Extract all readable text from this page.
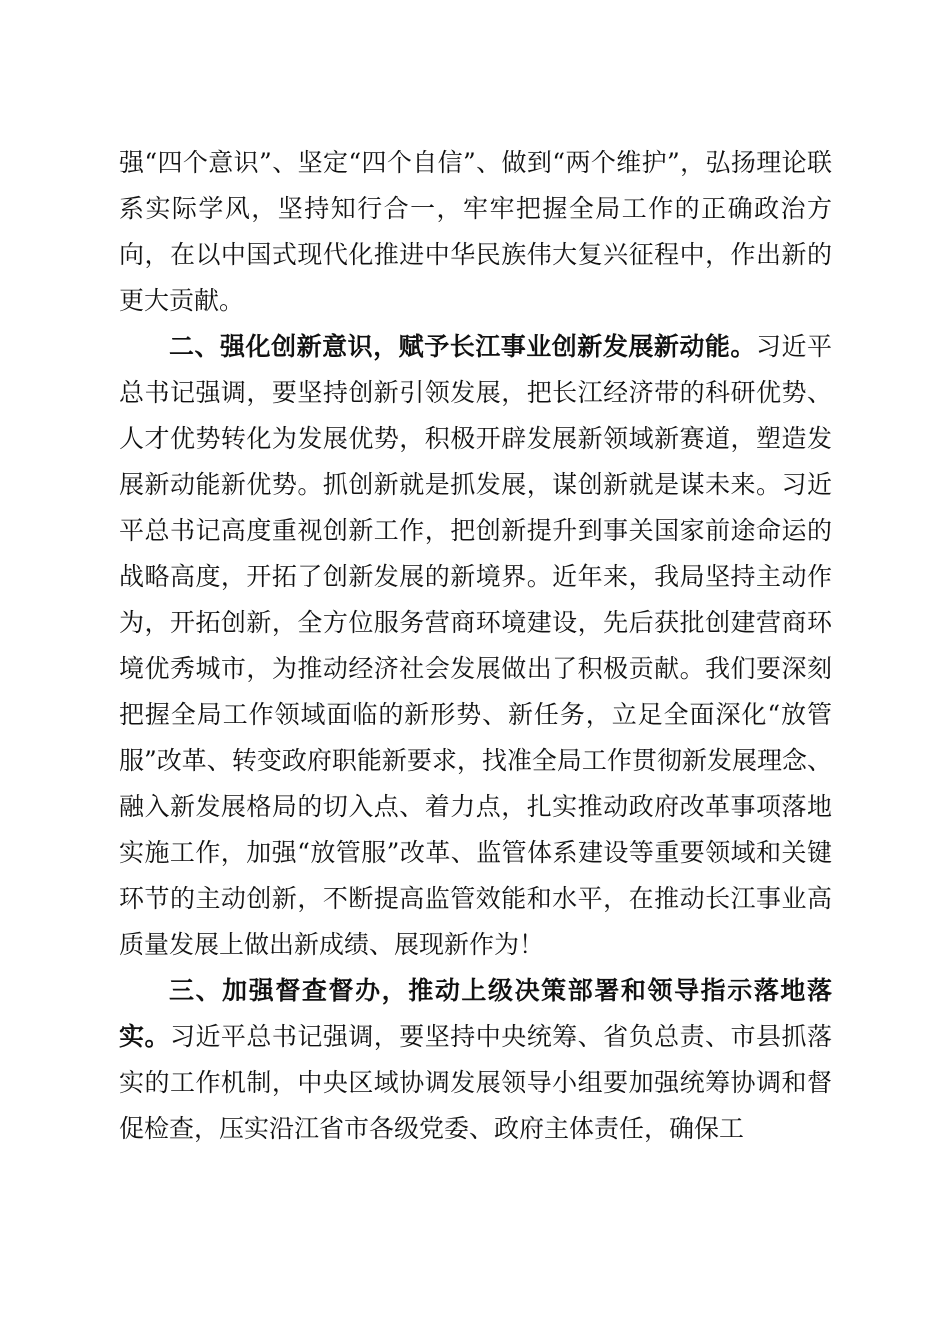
强“四个意识”、坚定“四个自信”、做到“两个维护”，弘扬理论联系实际学风，坚持知行合一，牢牢把握全局工作的正确政治方向，在以中国式现代化推进中华民族伟大复兴征程中，作出新的更大贡献。

二、强化创新意识，赋予长江事业创新发展新动能。习近平总书记强调，要坚持创新引领发展，把长江经济带的科研优势、人才优势转化为发展优势，积极开辟发展新领域新赛道，塑造发展新动能新优势。抓创新就是抓发展，谋创新就是谋未来。习近平总书记高度重视创新工作，把创新提升到事关国家前途命运的战略高度，开拓了创新发展的新境界。近年来，我局坚持主动作为，开拓创新，全方位服务营商环境建设，先后获批创建营商环境优秀城市，为推动经济社会发展做出了积极贡献。我们要深刻把握全局工作领域面临的新形势、新任务，立足全面深化“放管服”改革、转变政府职能新要求，找准全局工作贯彻新发展理念、融入新发展格局的切入点、着力点，扎实推动政府改革事项落地实施工作，加强“放管服”改革、监管体系建设等重要领域和关键环节的主动创新，不断提高监管效能和水平，在推动长江事业高质量发展上做出新成绩、展现新作为！

三、加强督查督办，推动上级决策部署和领导指示落地落实。习近平总书记强调，要坚持中央统筹、省负总责、市县抓落实的工作机制，中央区域协调发展领导小组要加强统筹协调和督促检查，压实沿江省市各级党委、政府主体责任，确保工
